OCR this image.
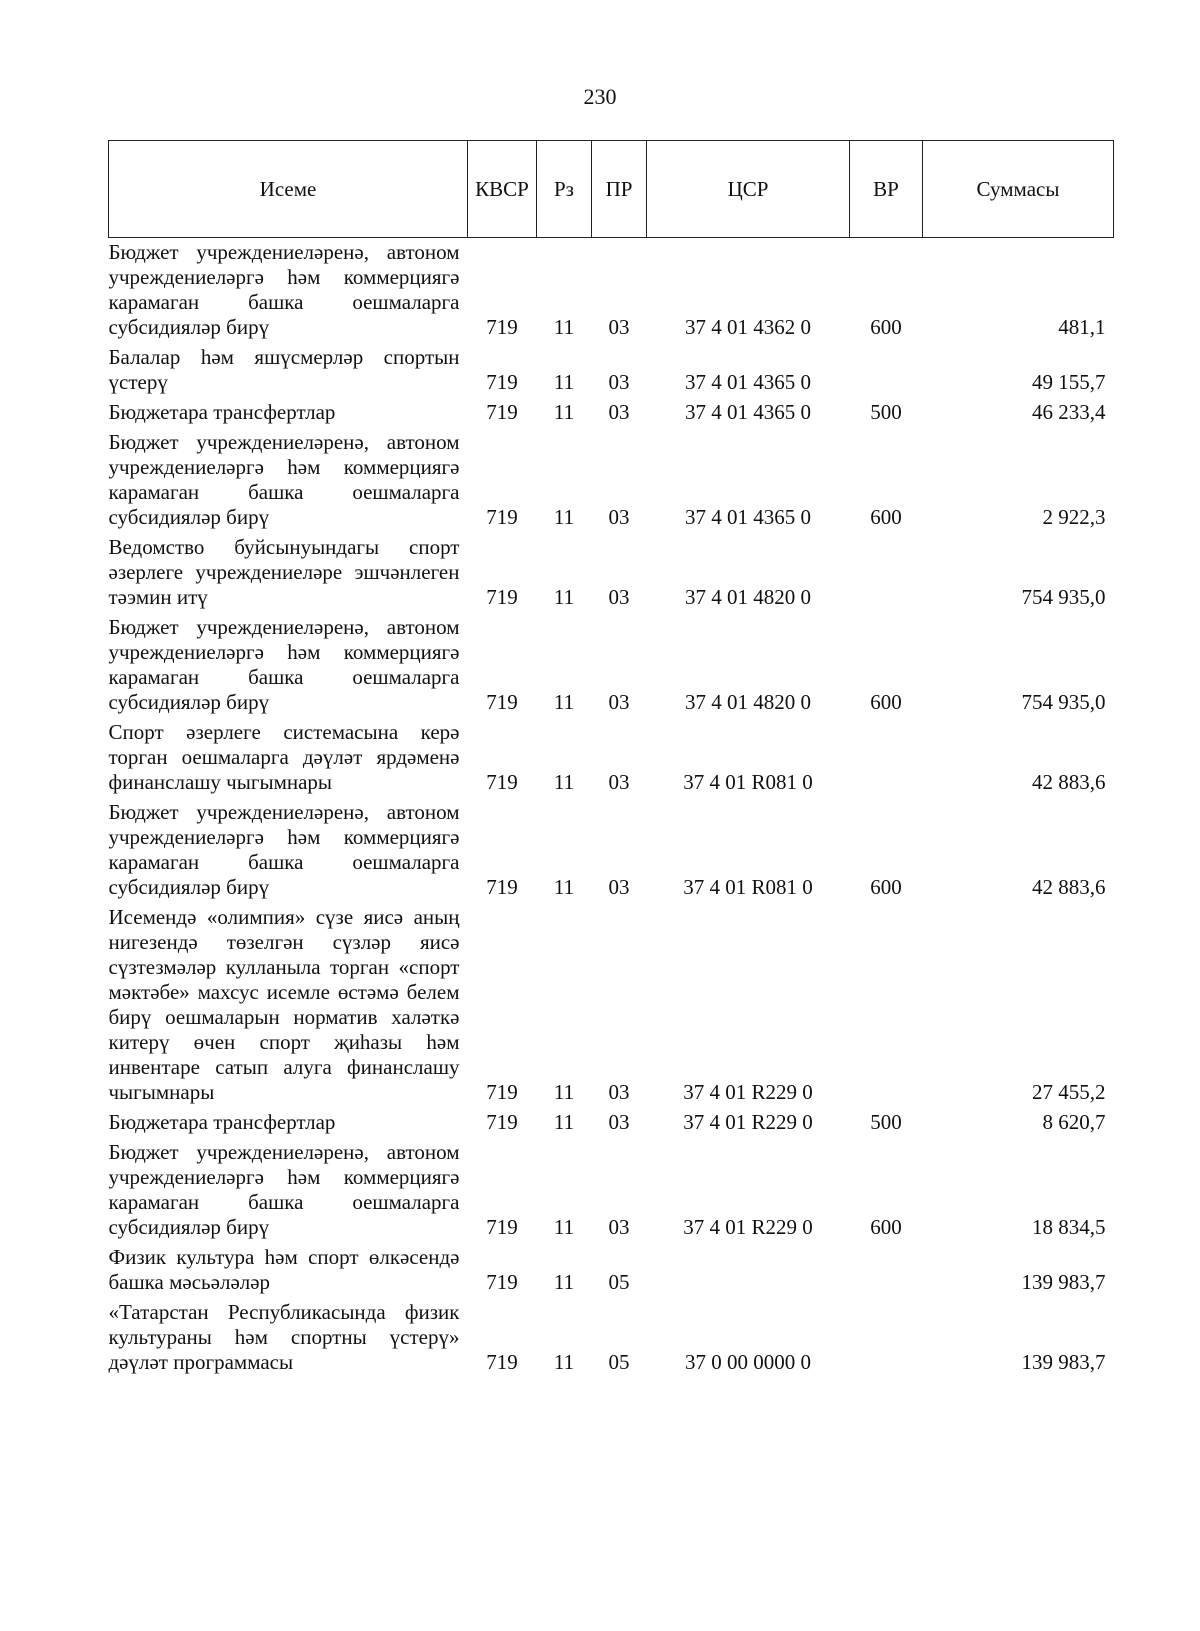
230
Исеме	КВСР	Рз	ПР	ЦСР	ВР	Суммасы
Бюджет учреждениеләренә, автоном учреждениеләргә һәм коммерциягә карамаган башка оешмаларга субсидияләр бирү	719	11	03	37 4 01 4362 0	600	481,1
Балалар һәм яшүсмерләр спортын үстерү	719	11	03	37 4 01 4365 0		49 155,7
Бюджетара трансфертлар	719	11	03	37 4 01 4365 0	500	46 233,4
Бюджет учреждениеләренә, автоном учреждениеләргә һәм коммерциягә карамаган башка оешмаларга субсидияләр бирү	719	11	03	37 4 01 4365 0	600	2 922,3
Ведомство буйсынуындагы спорт әзерлеге учреждениеләре эшчәнлеген тәэмин итү	719	11	03	37 4 01 4820 0		754 935,0
Бюджет учреждениеләренә, автоном учреждениеләргә һәм коммерциягә карамаган башка оешмаларга субсидияләр бирү	719	11	03	37 4 01 4820 0	600	754 935,0
Спорт әзерлеге системасына керә торган оешмаларга дәүләт ярдәменә финанслашу чыгымнары	719	11	03	37 4 01 R081 0		42 883,6
Бюджет учреждениеләренә, автоном учреждениеләргә һәм коммерциягә карамаган башка оешмаларга субсидияләр бирү	719	11	03	37 4 01 R081 0	600	42 883,6
Исемендә «олимпия» сүзе яисә аның нигезендә төзелгән сүзләр яисә сүзтезмәләр кулланыла торган «спорт мәктәбе» махсус исемле өстәмә белем бирү оешмаларын норматив халәткә китерү өчен спорт җиһазы һәм инвентаре сатып алуга финанслашу чыгымнары	719	11	03	37 4 01 R229 0		27 455,2
Бюджетара трансфертлар	719	11	03	37 4 01 R229 0	500	8 620,7
Бюджет учреждениеләренә, автоном учреждениеләргә һәм коммерциягә карамаган башка оешмаларга субсидияләр бирү	719	11	03	37 4 01 R229 0	600	18 834,5
Физик культура һәм спорт өлкәсендә башка мәсьәләләр	719	11	05			139 983,7
«Татарстан Республикасында физик культураны һәм спортны үстерү» дәүләт программасы	719	11	05	37 0 00 0000 0		139 983,7
